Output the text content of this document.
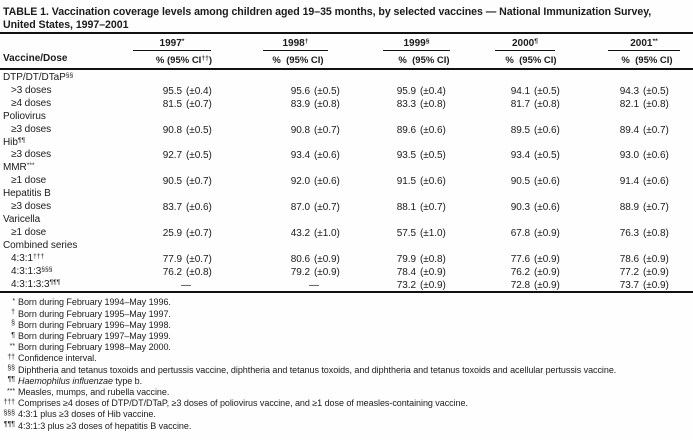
TABLE 1. Vaccination coverage levels among children aged 19–35 months, by selected vaccines — National Immunization Survey,
United States, 1997–2001
Vaccine/Dose
1997*
% (95% CI††)
1998†
%  (95% CI)
1999§
%  (95% CI)
2000¶
%  (95% CI)
2001**
%  (95% CI)
DTP/DT/DTaP§§
>3 doses	95.5	(±0.4)	95.6	(±0.5)	95.9	(±0.4)	94.1	(±0.5)	94.3	(±0.5)
≥4 doses	81.5	(±0.7)	83.9	(±0.8)	83.3	(±0.8)	81.7	(±0.8)	82.1	(±0.8)
Poliovirus
≥3 doses	90.8	(±0.5)	90.8	(±0.7)	89.6	(±0.6)	89.5	(±0.6)	89.4	(±0.7)
Hib¶¶
≥3 doses	92.7	(±0.5)	93.4	(±0.6)	93.5	(±0.5)	93.4	(±0.5)	93.0	(±0.6)
MMR***
≥1 dose	90.5	(±0.7)	92.0	(±0.6)	91.5	(±0.6)	90.5	(±0.6)	91.4	(±0.6)
Hepatitis B
≥3 doses	83.7	(±0.6)	87.0	(±0.7)	88.1	(±0.7)	90.3	(±0.6)	88.9	(±0.7)
Varicella
≥1 dose	25.9	(±0.7)	43.2	(±1.0)	57.5	(±1.0)	67.8	(±0.9)	76.3	(±0.8)
Combined series
4:3:1†††	77.9	(±0.7)	80.6	(±0.9)	79.9	(±0.8)	77.6	(±0.9)	78.6	(±0.9)
4:3:1:3§§§	76.2	(±0.8)	79.2	(±0.9)	78.4	(±0.9)	76.2	(±0.9)	77.2	(±0.9)
4:3:1:3:3¶¶¶	—		—		73.2	(±0.9)	72.8	(±0.9)	73.7	(±0.9)
* Born during February 1994–May 1996.
† Born during February 1995–May 1997.
§ Born during February 1996–May 1998.
¶ Born during February 1997–May 1999.
** Born during February 1998–May 2000.
†† Confidence interval.
§§ Diphtheria and tetanus toxoids and pertussis vaccine, diphtheria and tetanus toxoids, and diphtheria and tetanus toxoids and acellular pertussis vaccine.
¶¶ Haemophilus influenzae type b.
*** Measles, mumps, and rubella vaccine.
††† Comprises ≥4 doses of DTP/DT/DTaP, ≥3 doses of poliovirus vaccine, and ≥1 dose of measles-containing vaccine.
§§§ 4:3:1 plus ≥3 doses of Hib vaccine.
¶¶¶ 4:3:1:3 plus ≥3 doses of hepatitis B vaccine.
